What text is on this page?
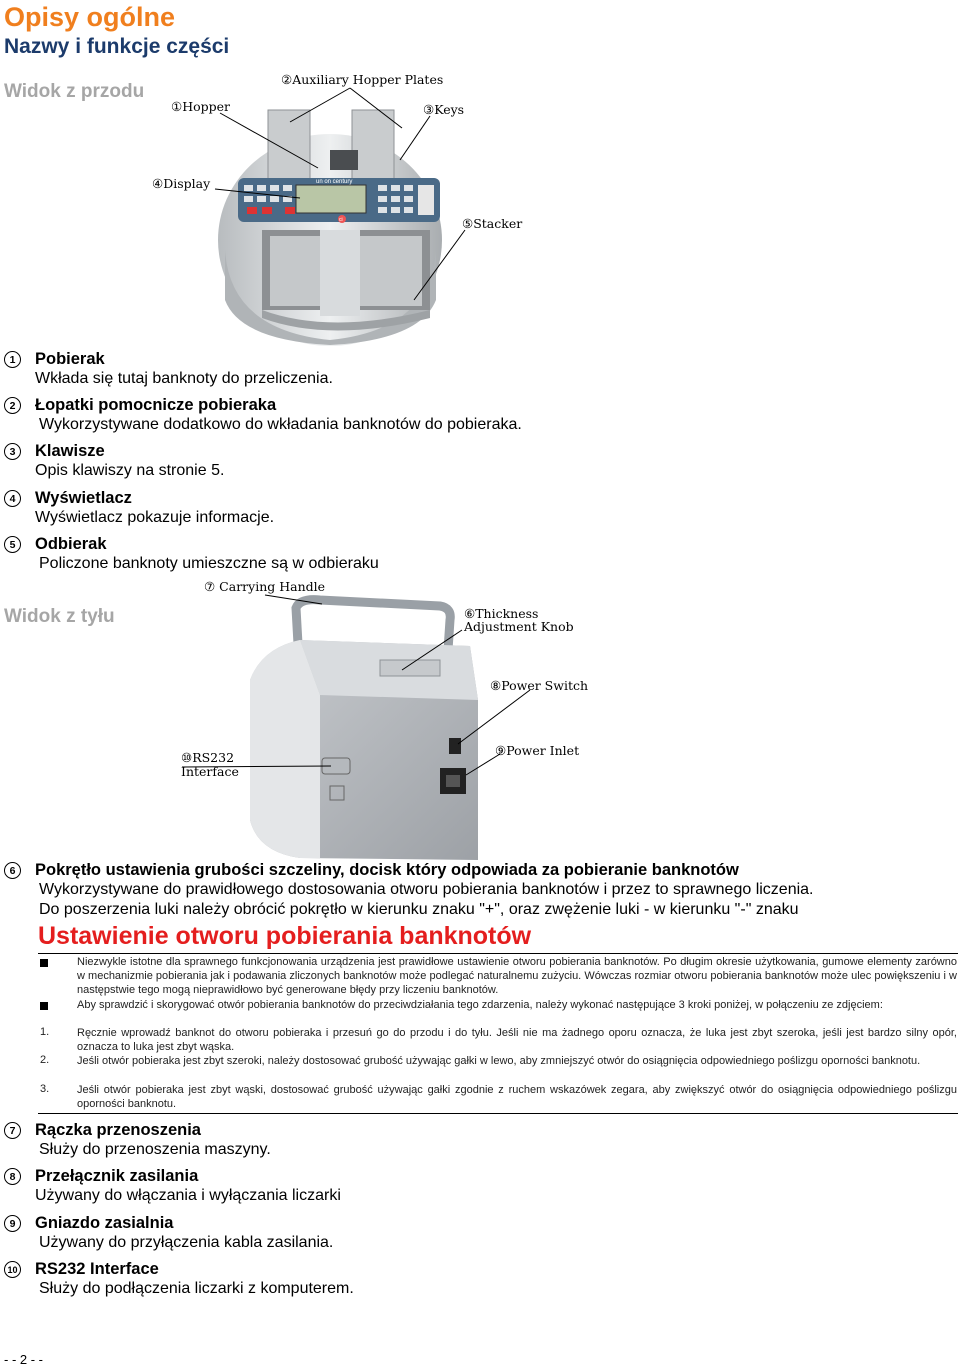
Opisy ogólne
Nazwy i funkcje części
Widok z przodu
un on century
ci
①Hopper
②Auxiliary Hopper Plates
③Keys
④Display
⑤Stacker
1	Pobierak
Wkłada się tutaj banknoty do przeliczenia.
2	Łopatki pomocnicze pobieraka
Wykorzystywane dodatkowo do wkładania banknotów do pobieraka.
3	Klawisze
Opis klawiszy na stronie 5.
4	Wyświetlacz
Wyświetlacz pokazuje informacje.
5	Odbierak
Policzone banknoty umieszczne są w odbieraku
Widok z tyłu
⑦ Carrying Handle
⑥Thickness
Adjustment Knob
⑧Power Switch
⑨Power Inlet
⑩RS232
Interface
6	Pokrętło ustawienia grubości szczeliny, docisk który odpowiada za pobieranie banknotów
Wykorzystywane do prawidłowego dostosowania otworu pobierania banknotów i przez to sprawnego liczenia.
Do poszerzenia luki należy obrócić pokrętło w kierunku znaku "+", oraz zwężenie luki - w kierunku "-" znaku
Ustawienie otworu pobierania banknotów
Niezwykle istotne dla sprawnego funkcjonowania urządzenia jest prawidłowe ustawienie otworu pobierania banknotów. Po długim okresie użytkowania, gumowe elementy zarówno w mechanizmie pobierania jak i podawania zliczonych banknotów może podlegać naturalnemu zużyciu. Wówczas rozmiar otworu pobierania banknotów może ulec powiększeniu i w następstwie tego mogą nieprawidłowo być generowane błędy przy liczeniu banknotów.
Aby sprawdzić i skorygować otwór pobierania banknotów do przeciwdziałania tego zdarzenia, należy wykonać następujące 3 kroki poniżej, w połączeniu ze zdjęciem:
1.	Ręcznie wprowadź banknot do otworu pobieraka i przesuń go do przodu i do tyłu. Jeśli nie ma żadnego oporu oznacza, że luka jest zbyt szeroka, jeśli jest bardzo silny opór, oznacza to luka jest zbyt wąska.
2.	Jeśli otwór pobieraka jest zbyt szeroki, należy dostosować grubość używając gałki w lewo, aby zmniejszyć otwór do osiągnięcia odpowiedniego poślizgu oporności banknotu.
3.	Jeśli otwór pobieraka jest zbyt wąski, dostosować grubość używając gałki zgodnie z ruchem wskazówek zegara, aby zwiększyć otwór do osiągnięcia odpowiedniego poślizgu oporności banknotu.
7	Rączka przenoszenia
Służy do przenoszenia maszyny.
8	Przełącznik zasilania
Używany do włączania i wyłączania liczarki
9	Gniazdo zasialnia
Używany do przyłączenia kabla zasilania.
10 RS232 Interface
Służy do podłączenia liczarki z komputerem.
- - 2 - -
